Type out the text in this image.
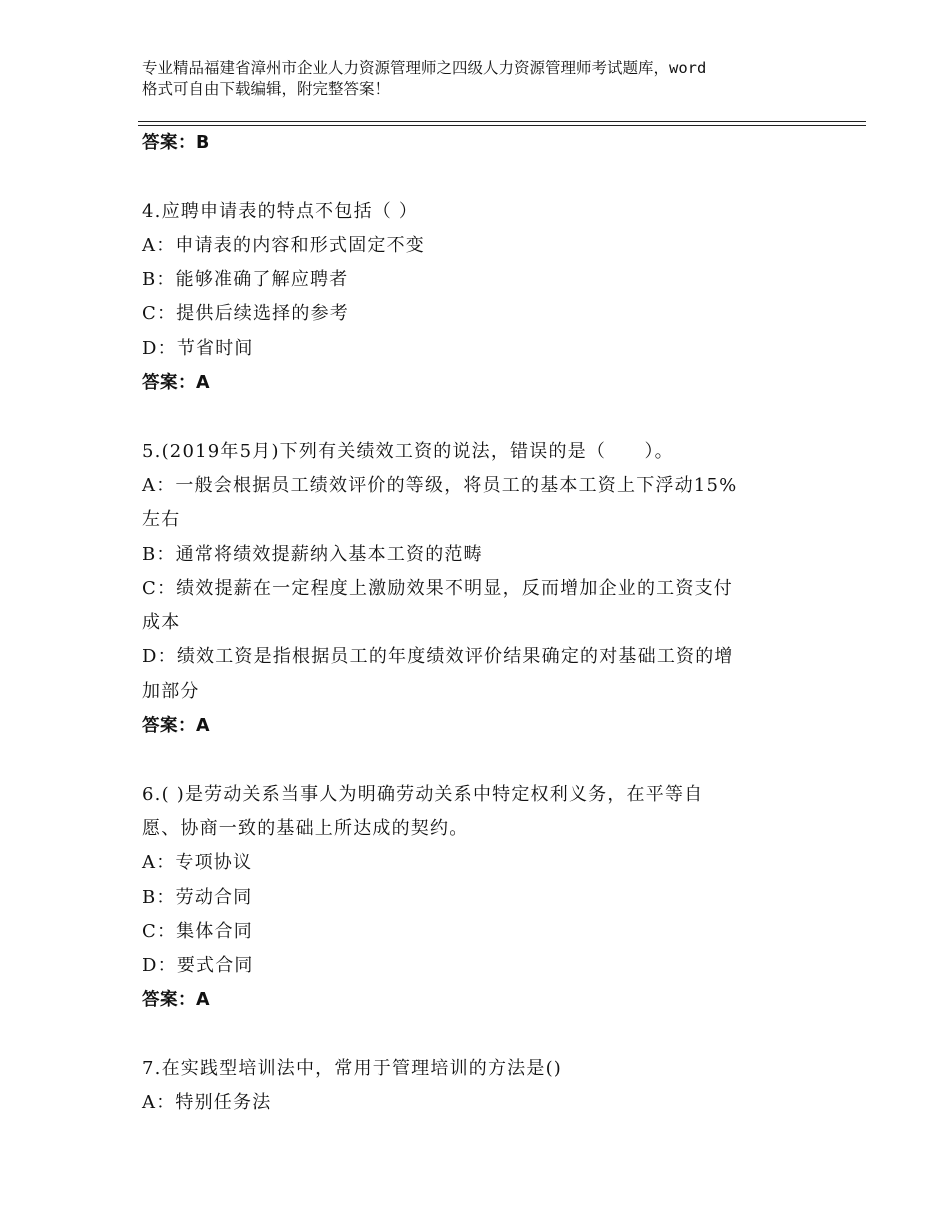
专业精品福建省漳州市企业人力资源管理师之四级人力资源管理师考试题库，word
格式可自由下载编辑，附完整答案！
答案：B
4.应聘申请表的特点不包括（ ）
A：申请表的内容和形式固定不变
B：能够准确了解应聘者
C：提供后续选择的参考
D：节省时间
答案：A
5.(2019年5月)下列有关绩效工资的说法，错误的是（　　）。
A：一般会根据员工绩效评价的等级，将员工的基本工资上下浮动15%
左右
B：通常将绩效提薪纳入基本工资的范畴
C：绩效提薪在一定程度上激励效果不明显，反而增加企业的工资支付
成本
D：绩效工资是指根据员工的年度绩效评价结果确定的对基础工资的增
加部分
答案：A
6.( )是劳动关系当事人为明确劳动关系中特定权利义务，在平等自
愿、协商一致的基础上所达成的契约。
A：专项协议
B：劳动合同
C：集体合同
D：要式合同
答案：A
7.在实践型培训法中，常用于管理培训的方法是()
A：特别任务法
